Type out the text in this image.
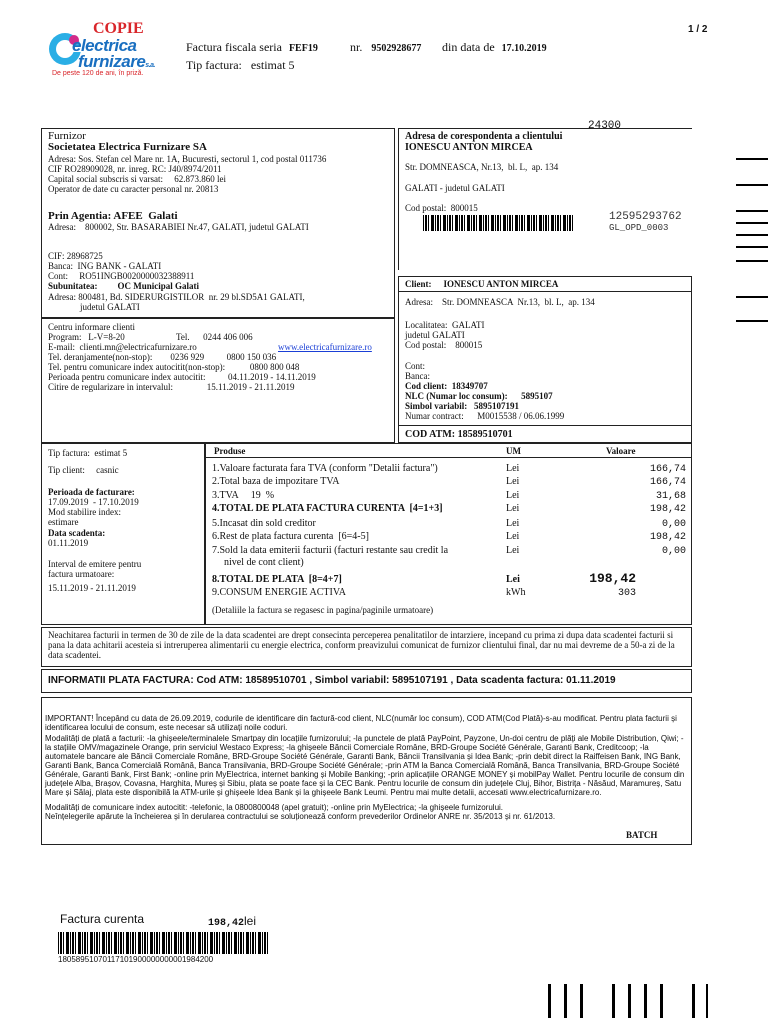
COPIE	1 / 2
electrica
furnizares.a.
De peste 120 de ani, în priză.
Factura fiscala seria FEF19	nr. 9502928677 din data de 17.10.2019
Tip factura: estimat 5
24300
Furnizor
Societatea Electrica Furnizare SA
Adresa: Sos. Stefan cel Mare nr. 1A, Bucuresti, sectorul 1, cod postal 011736
CIF RO28909028, nr. inreg. RC: J40/8974/2011
Capital social subscris si varsat:     62.873.860 lei
Operator de date cu caracter personal nr. 20813
Prin Agentia: AFEE  Galati
Adresa:    800002, Str. BASARABIEI Nr.47, GALATI, judetul GALATI
CIF: 28968725
Banca:  ING BANK - GALATI
Cont:     RO51INGB0020000032388911
Subunitatea: OC Municipal Galati
Adresa: 800481, Bd. SIDERURGISTILOR  nr. 29 bl.SD5A1 GALATI,
judetul GALATI
Centru informare clienti
Program:   L-V=8-20	Tel.      0244 406 006
E-mail:  clienti.mn@electricafurnizare.ro	www.electricafurnizare.ro
Tel. deranjamente(non-stop):        0236 929          0800 150 036
Tel. pentru comunicare index autocitit(non-stop):           0800 800 048
Perioada pentru comunicare index autocitit:          04.11.2019 - 14.11.2019
Citire de regularizare in intervalul:               15.11.2019 - 21.11.2019
Adresa de corespondenta a clientului
IONESCU ANTON MIRCEA
Str. DOMNEASCA, Nr.13,  bl. L,  ap. 134
GALATI - judetul GALATI
Cod postal:  800015
12595293762
GL_OPD_0003
Client: IONESCU ANTON MIRCEA
Adresa:    Str. DOMNEASCA  Nr.13,  bl. L,  ap. 134
Localitatea:  GALATI
judetul GALATI
Cod postal:    800015
Cont:
Banca:
Cod client:  18349707
NLC (Numar loc consum):      5895107
Simbol variabil:   5895107191
Numar contract:      M0015538 / 06.06.1999
COD ATM: 18589510701
Tip factura:  estimat 5
Tip client:     casnic
Perioada de facturare:
17.09.2019  - 17.10.2019
Mod stabilire index:
estimare
Data scadenta:
01.11.2019
Interval de emitere pentru
factura urmatoare:
15.11.2019 - 21.11.2019
Produse	UM	Valoare
1.Valoare facturata fara TVA (conform "Detalii factura")	Lei	166,74
2.Total baza de impozitare TVA	Lei	166,74
3.TVA     19  %	Lei	31,68
4.TOTAL DE PLATA FACTURA CURENTA  [4=1+3]	Lei	198,42
5.Incasat din sold creditor	Lei	0,00
6.Rest de plata factura curenta  [6=4-5]	Lei	198,42
7.Sold la data emiterii facturii (facturi restante sau credit la	Lei	0,00
nivel de cont client)
8.TOTAL DE PLATA  [8=4+7]	Lei	198,42
9.CONSUM ENERGIE ACTIVA	kWh	303
(Detaliile la factura se regasesc in pagina/paginile urmatoare)
Neachitarea facturii in termen de 30 de zile de la data scadentei are drept consecinta perceperea penalitatilor de intarziere, incepand cu prima zi dupa data scadentei facturii si pana la data achitarii acesteia si intreruperea alimentarii cu energie electrica, conform preavizului comunicat de furnizor clientului final, dar nu mai devreme de a 50-a zi de la data scadentei.
INFORMATII PLATA FACTURA: Cod ATM: 18589510701 , Simbol variabil: 5895107191 , Data scadenta factura: 01.11.2019
IMPORTANT! Începând cu data de 26.09.2019, codurile de identificare din factură-cod client, NLC(număr loc consum), COD ATM(Cod Plată)-s-au modificat. Pentru plata facturii și identificarea locului de consum, este necesar să utilizați noile coduri.
Modalități de plată a facturii: -la ghișeele/terminalele Smartpay din locațiile furnizorului; -la punctele de plată PayPoint, Payzone, Un-doi centru de plăți ale Mobile Distribution, Qiwi; -la stațiile OMV/magazinele Orange, prin serviciul Westaco Express; -la ghișeele Băncii Comerciale Române, BRD-Groupe Société Générale, Garanti Bank, Creditcoop; -la automatele bancare ale Băncii Comerciale Române, BRD-Groupe Société Générale, Garanti Bank, Băncii Transilvania și Idea Bank; -prin debit direct la Raiffeisen Bank, ING Bank, Garanti Bank, Banca Comercială Română, Banca Transilvania, BRD-Groupe Société Générale; -prin ATM la Banca Comercială Română, Banca Transilvania, BRD-Groupe Société Générale, Garanti Bank, First Bank; -online prin MyElectrica, internet banking și Mobile Banking; -prin aplicațiile ORANGE MONEY și mobilPay Wallet. Pentru locurile de consum din județele Alba, Brașov, Covasna, Harghita, Mureș și Sibiu, plata se poate face și la CEC Bank. Pentru locurile de consum din județele Cluj, Bihor, Bistrița - Năsăud, Maramureș, Satu Mare și Sălaj, plata este disponibilă la ATM-urile și ghișeele Idea Bank și la ghișeele Bank Leumi. Pentru mai multe detalii, accesati www.electricafurnizare.ro.
Modalități de comunicare index autocitit: -telefonic, la 0800800048 (apel gratuit); -online prin MyElectrica; -la ghișeele furnizorului.
Neînțelegerile apărute la încheierea și în derularea contractului se soluționează conform prevederilor Ordinelor ANRE nr. 35/2013 și nr. 61/2013.
BATCH
Factura curenta	198,42lei
18058951070117101900000000001984200
